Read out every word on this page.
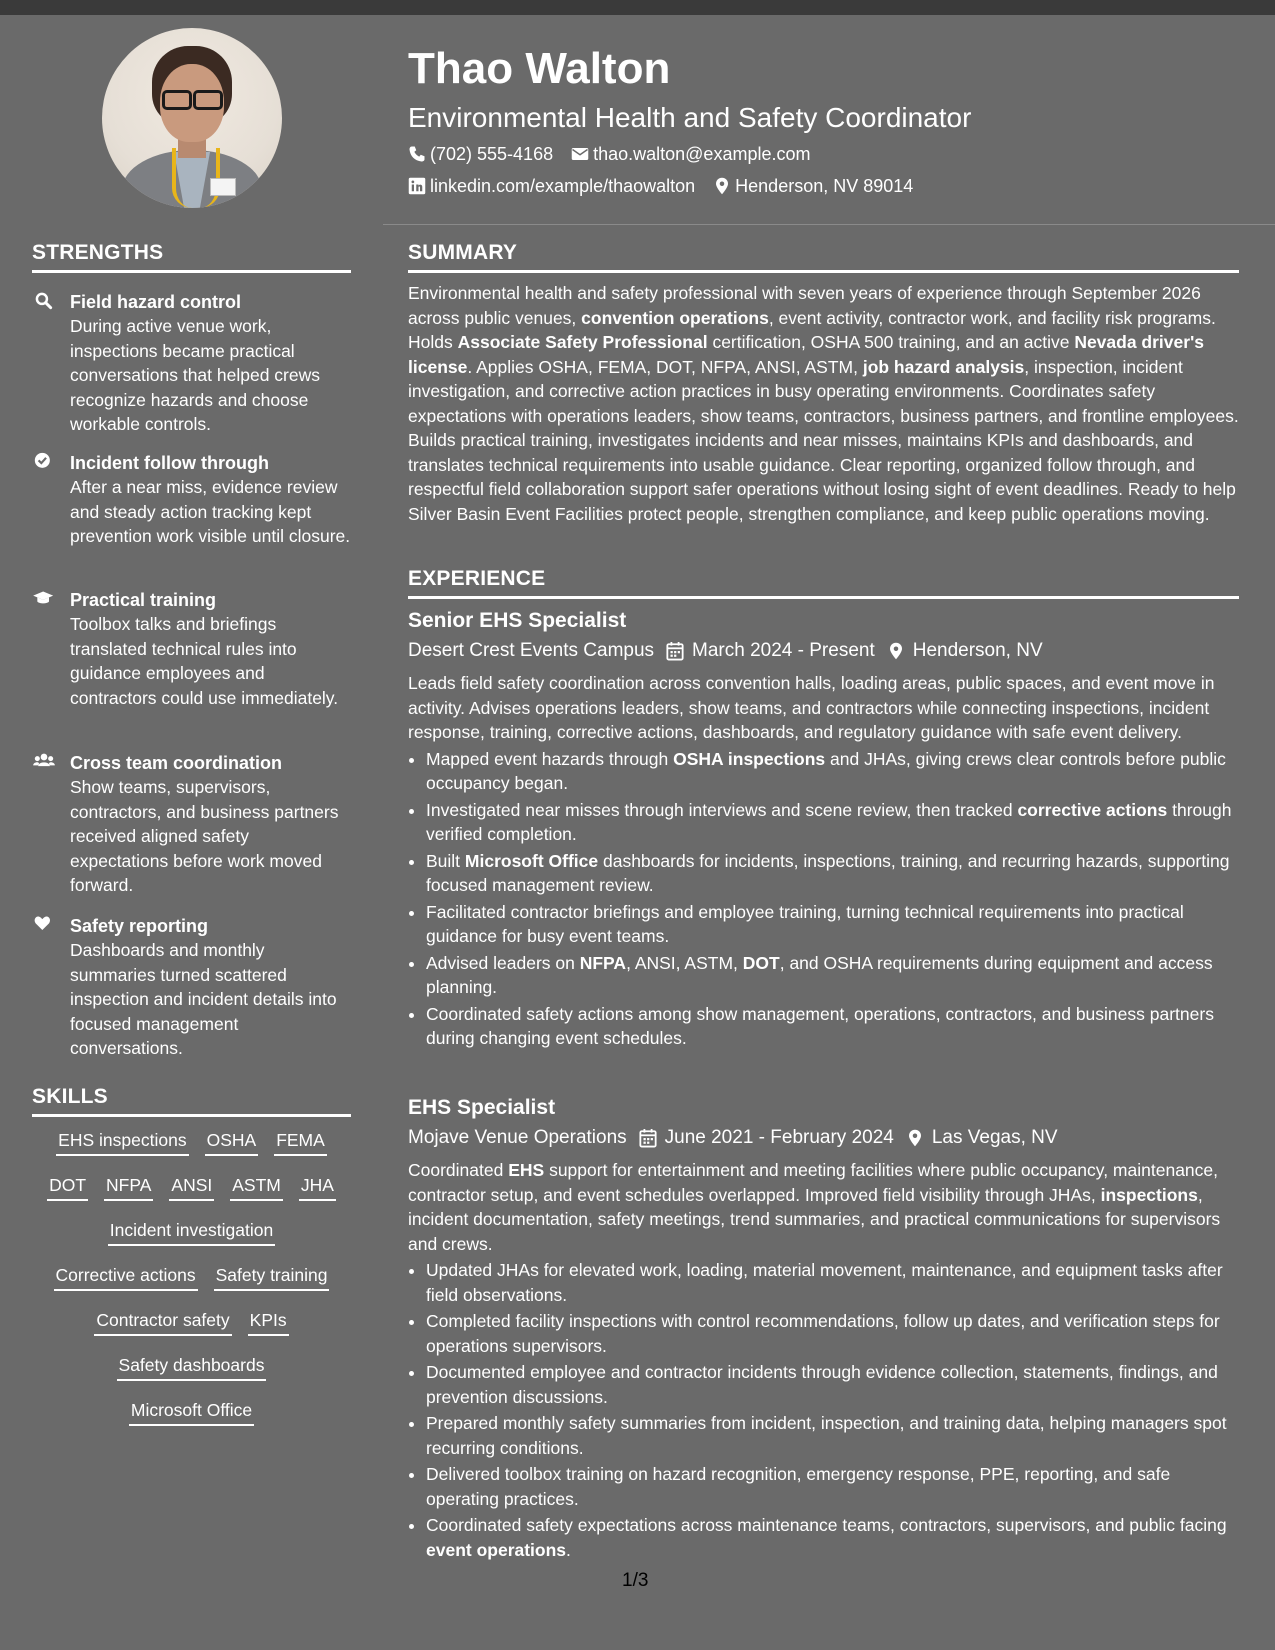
STRENGTHS
Field hazard control
During active venue work, inspections became practical conversations that helped crews recognize hazards and choose workable controls.
Incident follow through
After a near miss, evidence review and steady action tracking kept prevention work visible until closure.
Practical training
Toolbox talks and briefings translated technical rules into guidance employees and contractors could use immediately.
Cross team coordination
Show teams, supervisors, contractors, and business partners received aligned safety expectations before work moved forward.
Safety reporting
Dashboards and monthly summaries turned scattered inspection and incident details into focused management conversations.
SKILLS
EHS inspections OSHA FEMA
DOT NFPA ANSI ASTM JHA
Incident investigation
Corrective actions Safety training
Contractor safety KPIs
Safety dashboards
Microsoft Office
Thao Walton
Environmental Health and Safety Coordinator
(702) 555-4168 thao.walton@example.com
linkedin.com/example/thaowalton Henderson, NV 89014
SUMMARY

Environmental health and safety professional with seven years of experience through September 2026 across public venues, convention operations, event activity, contractor work, and facility risk programs. Holds Associate Safety Professional certification, OSHA 500 training, and an active Nevada driver's license. Applies OSHA, FEMA, DOT, NFPA, ANSI, ASTM, job hazard analysis, inspection, incident investigation, and corrective action practices in busy operating environments. Coordinates safety expectations with operations leaders, show teams, contractors, business partners, and frontline employees. Builds practical training, investigates incidents and near misses, maintains KPIs and dashboards, and translates technical requirements into usable guidance. Clear reporting, organized follow through, and respectful field collaboration support safer operations without losing sight of event deadlines. Ready to help Silver Basin Event Facilities protect people, strengthen compliance, and keep public operations moving.

EXPERIENCE
Senior EHS Specialist
Desert Crest Events Campus March 2024 - Present Henderson, NV
Leads field safety coordination across convention halls, loading areas, public spaces, and event move in activity. Advises operations leaders, show teams, and contractors while connecting inspections, incident response, training, corrective actions, dashboards, and regulatory guidance with safe event delivery.
• Mapped event hazards through OSHA inspections and JHAs, giving crews clear controls before public occupancy began.
• Investigated near misses through interviews and scene review, then tracked corrective actions through verified completion.
• Built Microsoft Office dashboards for incidents, inspections, training, and recurring hazards, supporting focused management review.
• Facilitated contractor briefings and employee training, turning technical requirements into practical guidance for busy event teams.
• Advised leaders on NFPA, ANSI, ASTM, DOT, and OSHA requirements during equipment and access planning.
• Coordinated safety actions among show management, operations, contractors, and business partners during changing event schedules.
EHS Specialist
Mojave Venue Operations June 2021 - February 2024 Las Vegas, NV
Coordinated EHS support for entertainment and meeting facilities where public occupancy, maintenance, contractor setup, and event schedules overlapped. Improved field visibility through JHAs, inspections, incident documentation, safety meetings, trend summaries, and practical communications for supervisors and crews.
• Updated JHAs for elevated work, loading, material movement, maintenance, and equipment tasks after field observations.
• Completed facility inspections with control recommendations, follow up dates, and verification steps for operations supervisors.
• Documented employee and contractor incidents through evidence collection, statements, findings, and prevention discussions.
• Prepared monthly safety summaries from incident, inspection, and training data, helping managers spot recurring conditions.
• Delivered toolbox training on hazard recognition, emergency response, PPE, reporting, and safe operating practices.
• Coordinated safety expectations across maintenance teams, contractors, supervisors, and public facing event operations.
1/3
